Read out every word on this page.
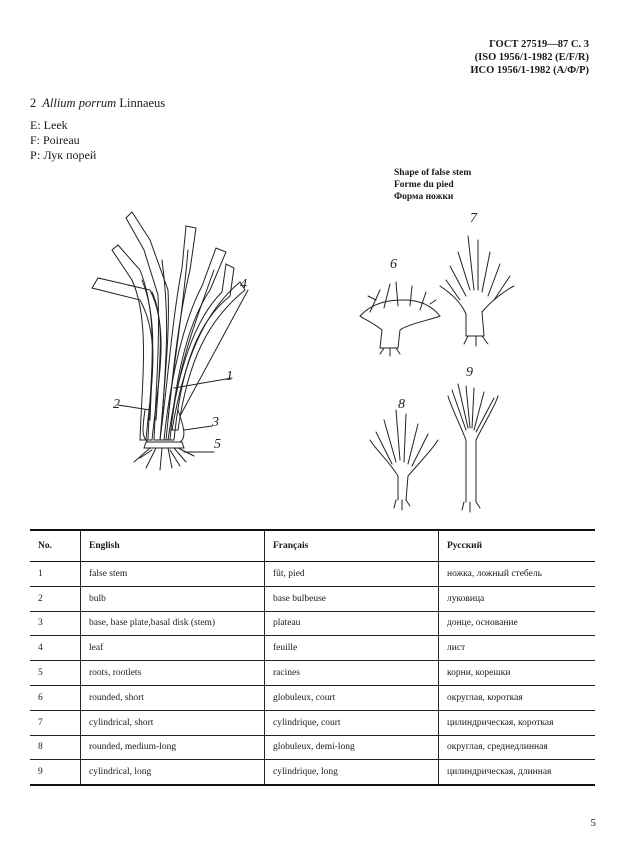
ГОСТ 27519—87 С. 3
(ISO 1956/1-1982 (E/F/R)
ИСО 1956/1-1982 (А/Ф/Р)
2 Allium porrum Linnaeus
E: Leek
F: Poireau
Р: Лук порей
Shape of false stem
Forme du pied
Форма ножки
1
2
3
4
5
6
7
8
9
No.	English	Français	Русский
1	false stem	fût, pied	ножка, ложный стебель
2	bulb	base bulbeuse	луковица
3	base, base plate,basal disk (stem)	plateau	донце, основание
4	leaf	feuille	лист
5	roots, rootlets	racines	корни, корешки
6	rounded, short	globuleux, court	округлая, короткая
7	cylindrical, short	cylindrique, court	цилиндрическая, короткая
8	rounded, medium-long	globuleux, demi-long	округлая, среднедлинная
9	cylindrical, long	cylindrique, long	цилиндрическая, длинная
5
